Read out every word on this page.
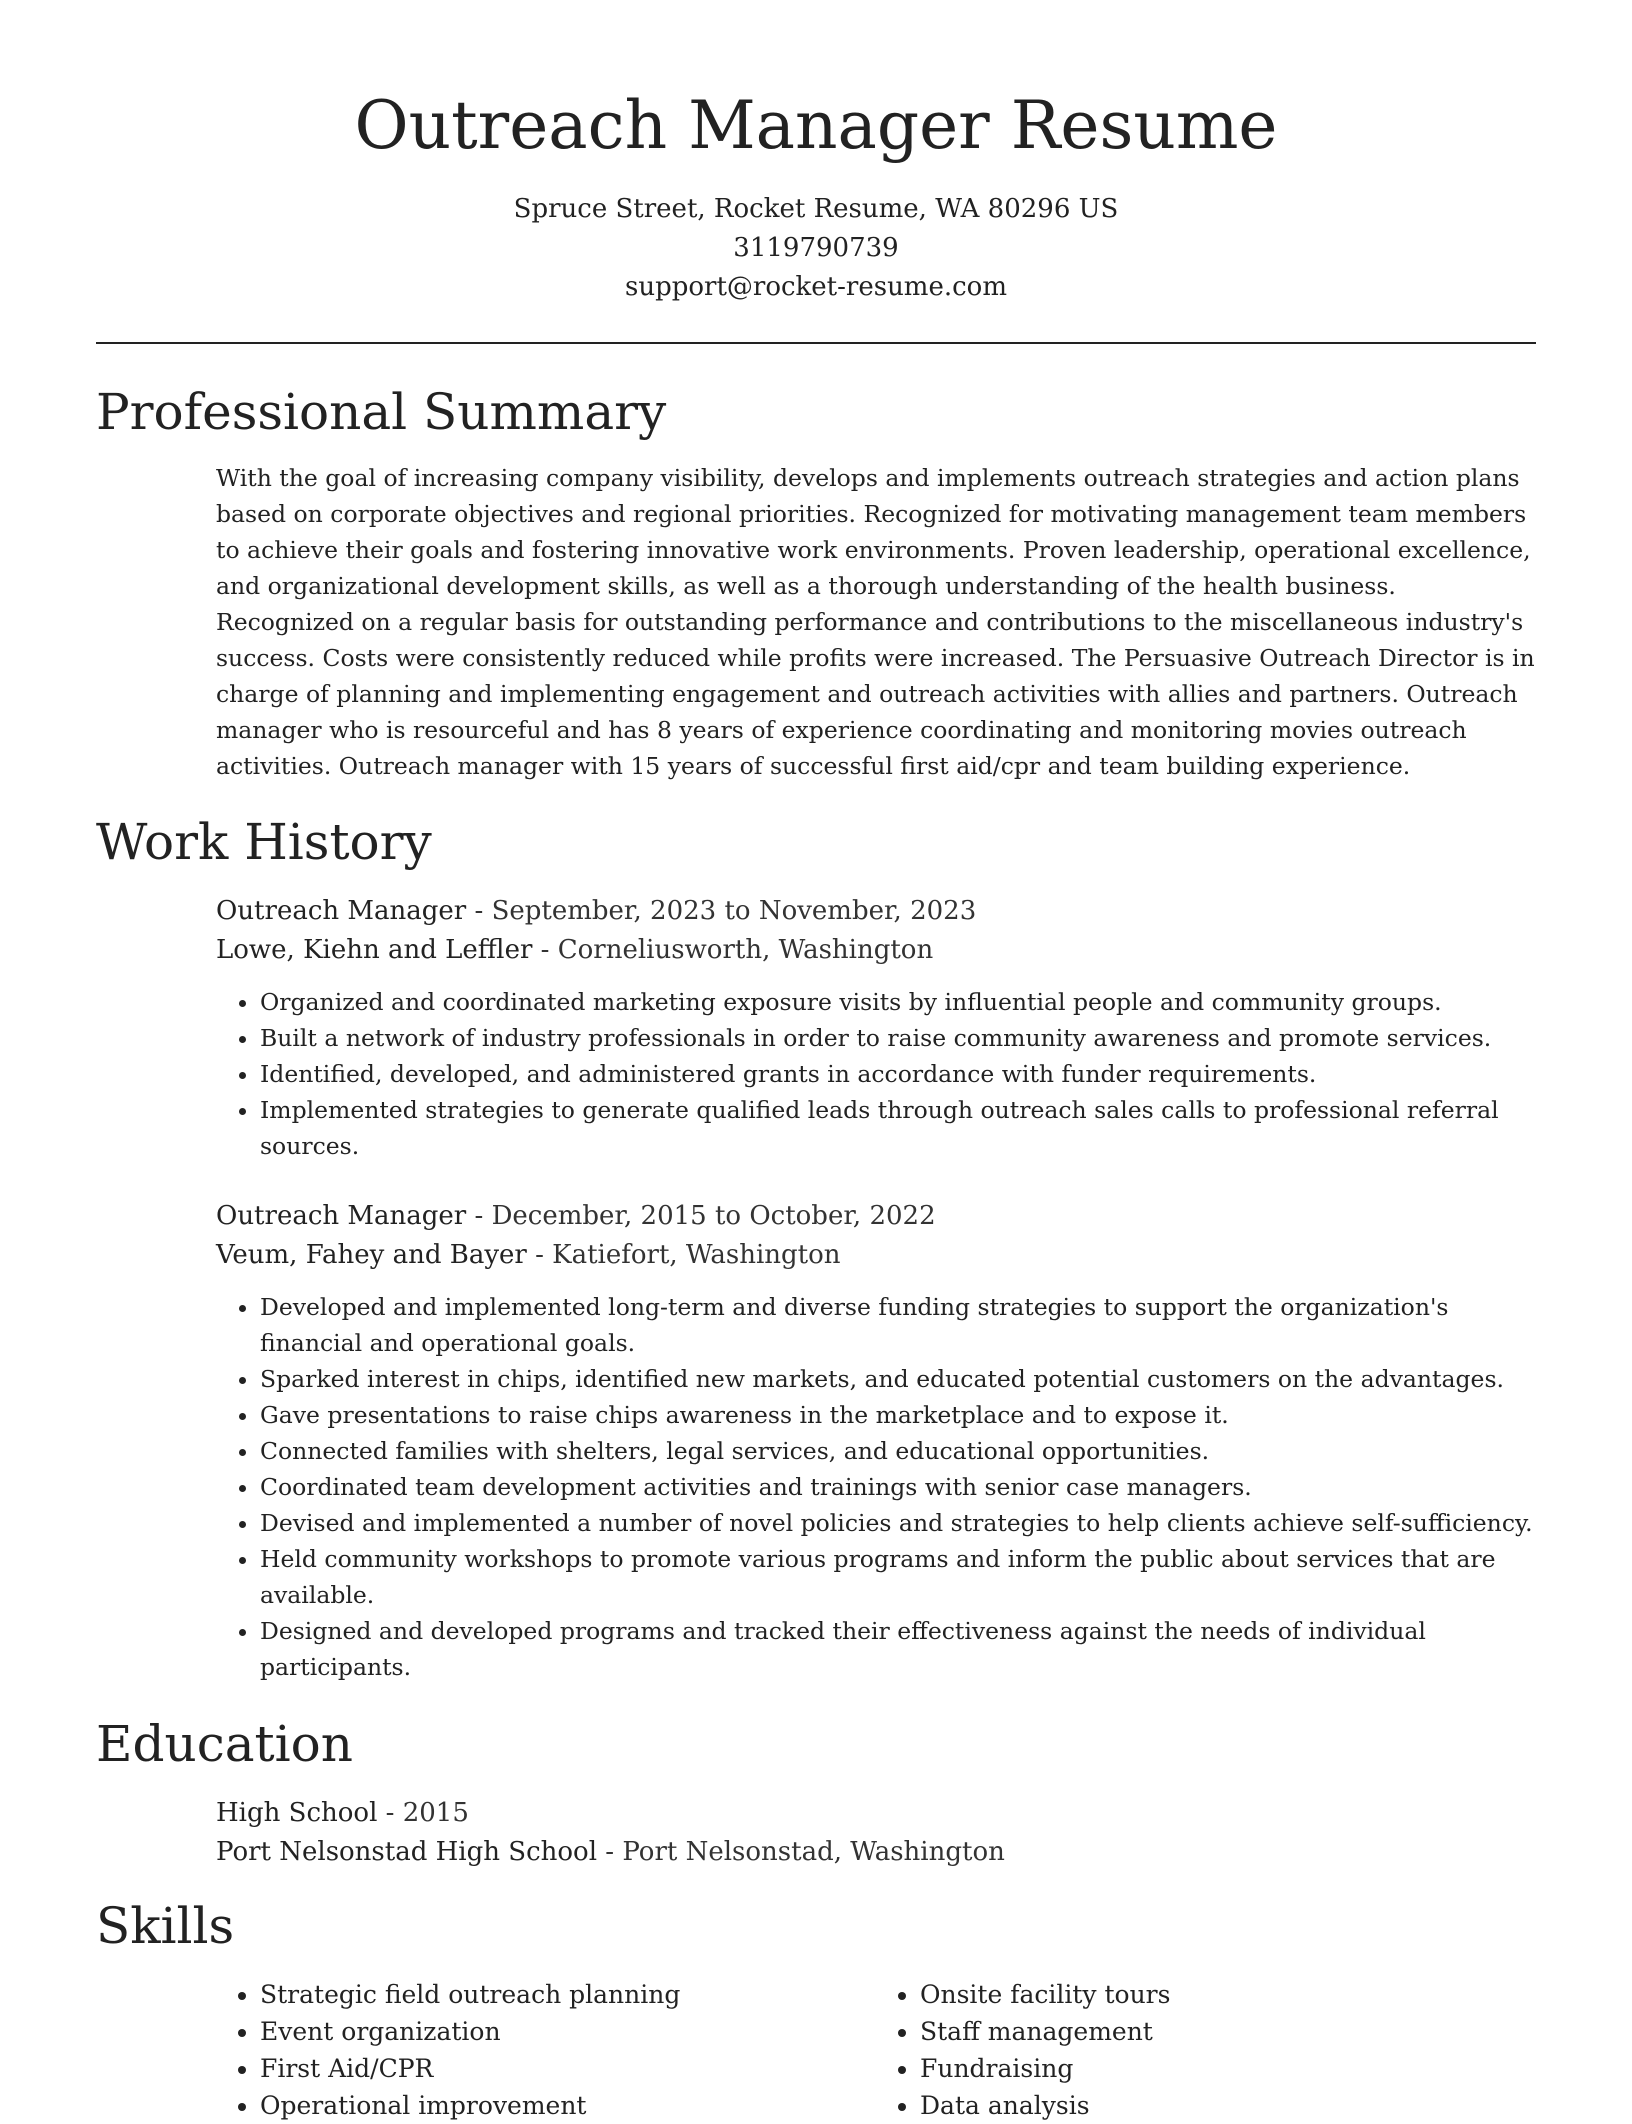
Outreach Manager Resume
Spruce Street, Rocket Resume, WA 80296 US
3119790739
support@rocket-resume.com
Professional Summary

With the goal of increasing company visibility, develops and implements outreach strategies and action plans based on corporate objectives and regional priorities. Recognized for motivating management team members to achieve their goals and fostering innovative work environments. Proven leadership, operational excellence, and organizational development skills, as well as a thorough understanding of the health business. Recognized on a regular basis for outstanding performance and contributions to the miscellaneous industry's success. Costs were consistently reduced while profits were increased. The Persuasive Outreach Director is in charge of planning and implementing engagement and outreach activities with allies and partners. Outreach manager who is resourceful and has 8 years of experience coordinating and monitoring movies outreach activities. Outreach manager with 15 years of successful first aid/cpr and team building experience.

Work History
Outreach Manager - September, 2023 to November, 2023
Lowe, Kiehn and Leffler - Corneliusworth, Washington
• Organized and coordinated marketing exposure visits by influential people and community groups.
• Built a network of industry professionals in order to raise community awareness and promote services.
• Identified, developed, and administered grants in accordance with funder requirements.
• Implemented strategies to generate qualified leads through outreach sales calls to professional referral sources.
Outreach Manager - December, 2015 to October, 2022
Veum, Fahey and Bayer - Katiefort, Washington
• Developed and implemented long-term and diverse funding strategies to support the organization's financial and operational goals.
• Sparked interest in chips, identified new markets, and educated potential customers on the advantages.
• Gave presentations to raise chips awareness in the marketplace and to expose it.
• Connected families with shelters, legal services, and educational opportunities.
• Coordinated team development activities and trainings with senior case managers.
• Devised and implemented a number of novel policies and strategies to help clients achieve self-sufficiency.
• Held community workshops to promote various programs and inform the public about services that are available.
• Designed and developed programs and tracked their effectiveness against the needs of individual participants.
Education
High School - 2015
Port Nelsonstad High School - Port Nelsonstad, Washington
Skills
• Strategic field outreach planning
• Event organization
• First Aid/CPR
• Operational improvement
• Onsite facility tours
• Staff management
• Fundraising
• Data analysis
